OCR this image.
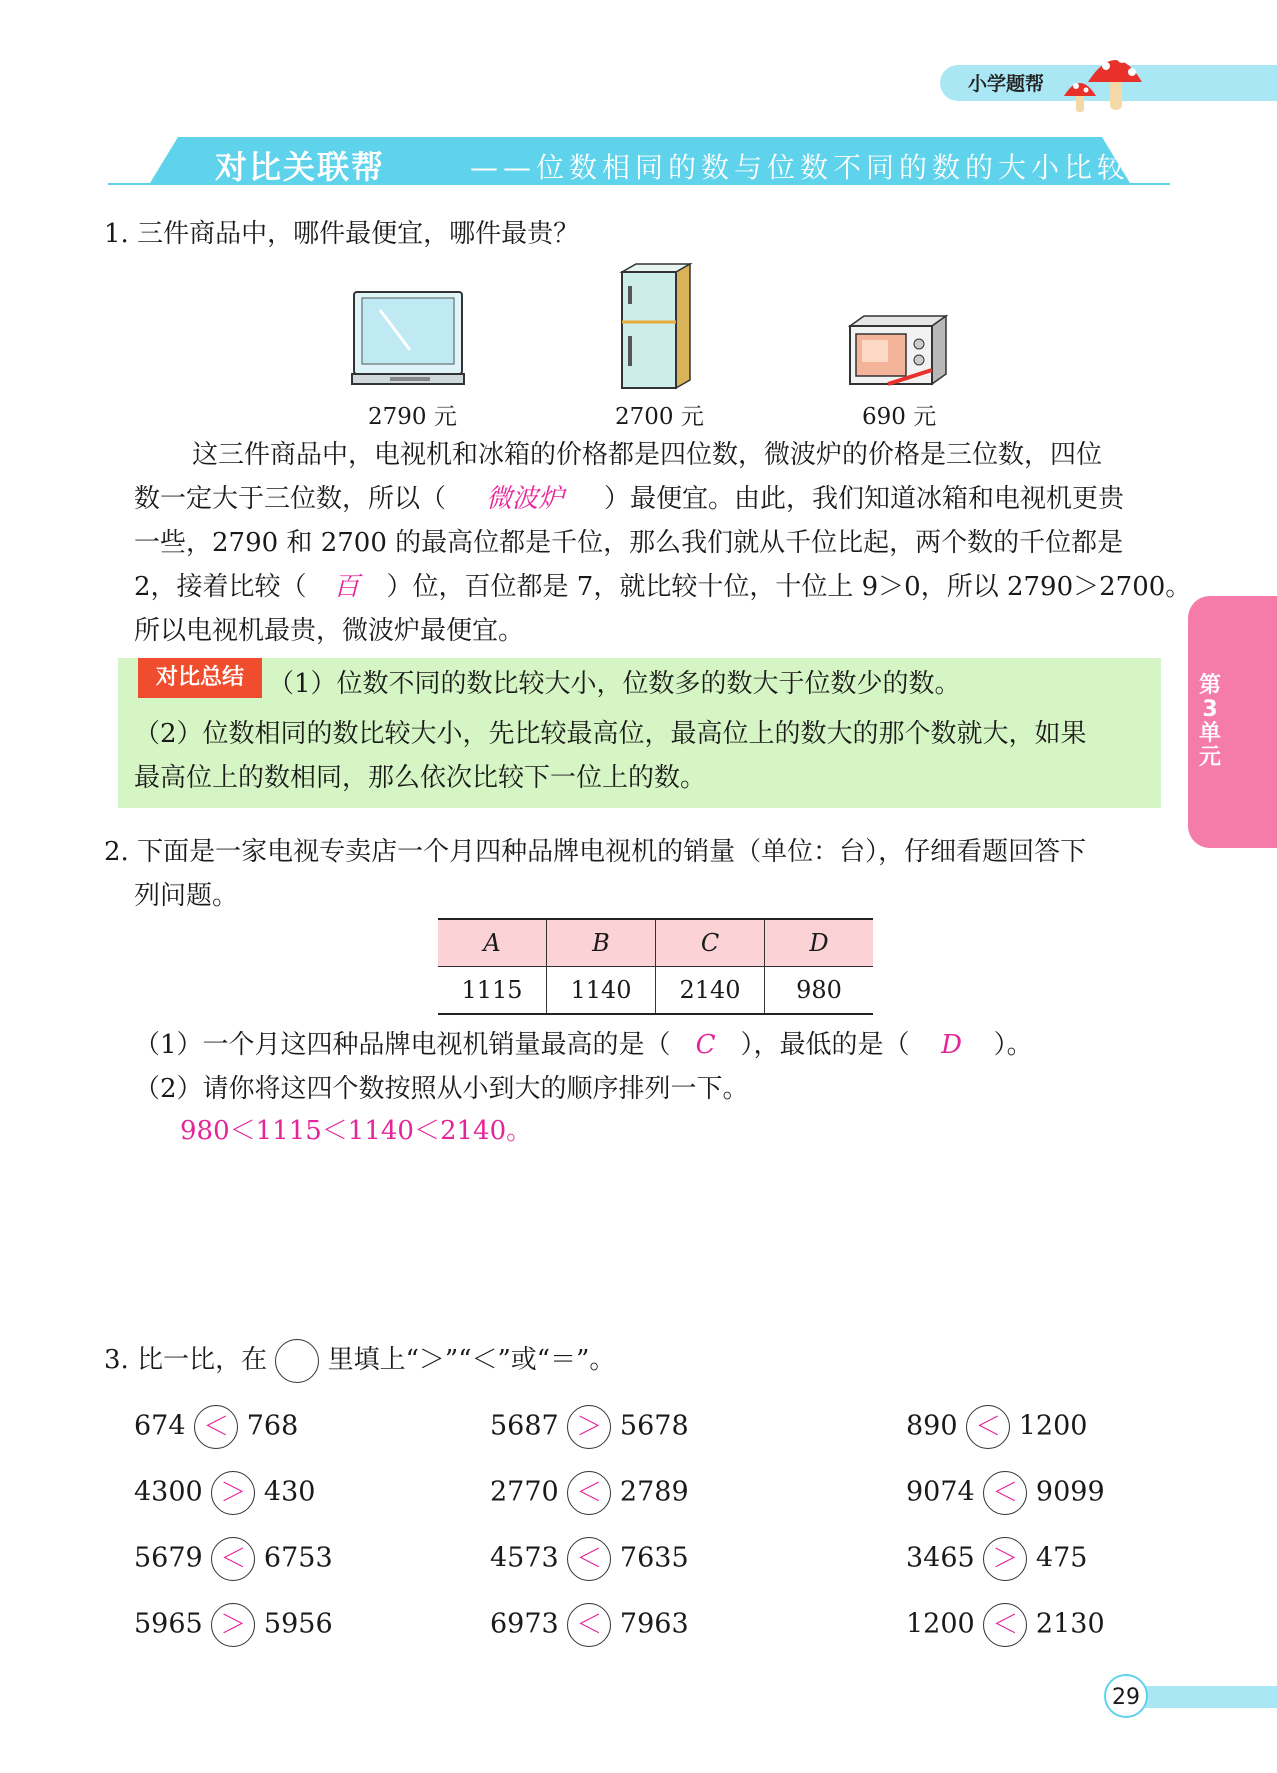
小学题帮
对比关联帮	——位数相同的数与位数不同的数的大小比较
第3单元
1. 三件商品中，哪件最便宜，哪件最贵？
2790 元	2700 元	690 元
这三件商品中，电视机和冰箱的价格都是四位数，微波炉的价格是三位数，四位
数一定大于三位数，所以（ 微波炉 ）最便宜。由此，我们知道冰箱和电视机更贵
一些，2790 和 2700 的最高位都是千位，那么我们就从千位比起，两个数的千位都是
2，接着比较（ 百 ）位，百位都是 7，就比较十位，十位上 9＞0，所以 2790＞2700。
所以电视机最贵，微波炉最便宜。
对比总结 （1）位数不同的数比较大小，位数多的数大于位数少的数。
（2）位数相同的数比较大小，先比较最高位，最高位上的数大的那个数就大，如果
最高位上的数相同，那么依次比较下一位上的数。
2. 下面是一家电视专卖店一个月四种品牌电视机的销量（单位：台），仔细看题回答下
列问题。
A	B	C	D
1115	1140	2140	980
（1）一个月这四种品牌电视机销量最高的是（ C ），最低的是（ D ）。
（2）请你将这四个数按照从小到大的顺序排列一下。
980＜1115＜1140＜2140。
3. 比一比，在 里填上“＞”“＜”或“＝”。
674 ＜ 768	5687 ＞ 5678	890 ＜ 1200
4300 ＞ 430	2770 ＜ 2789	9074 ＜ 9099
5679 ＜ 6753	4573 ＜ 7635	3465 ＞ 475
5965 ＞ 5956	6973 ＜ 7963	1200 ＜ 2130
29
